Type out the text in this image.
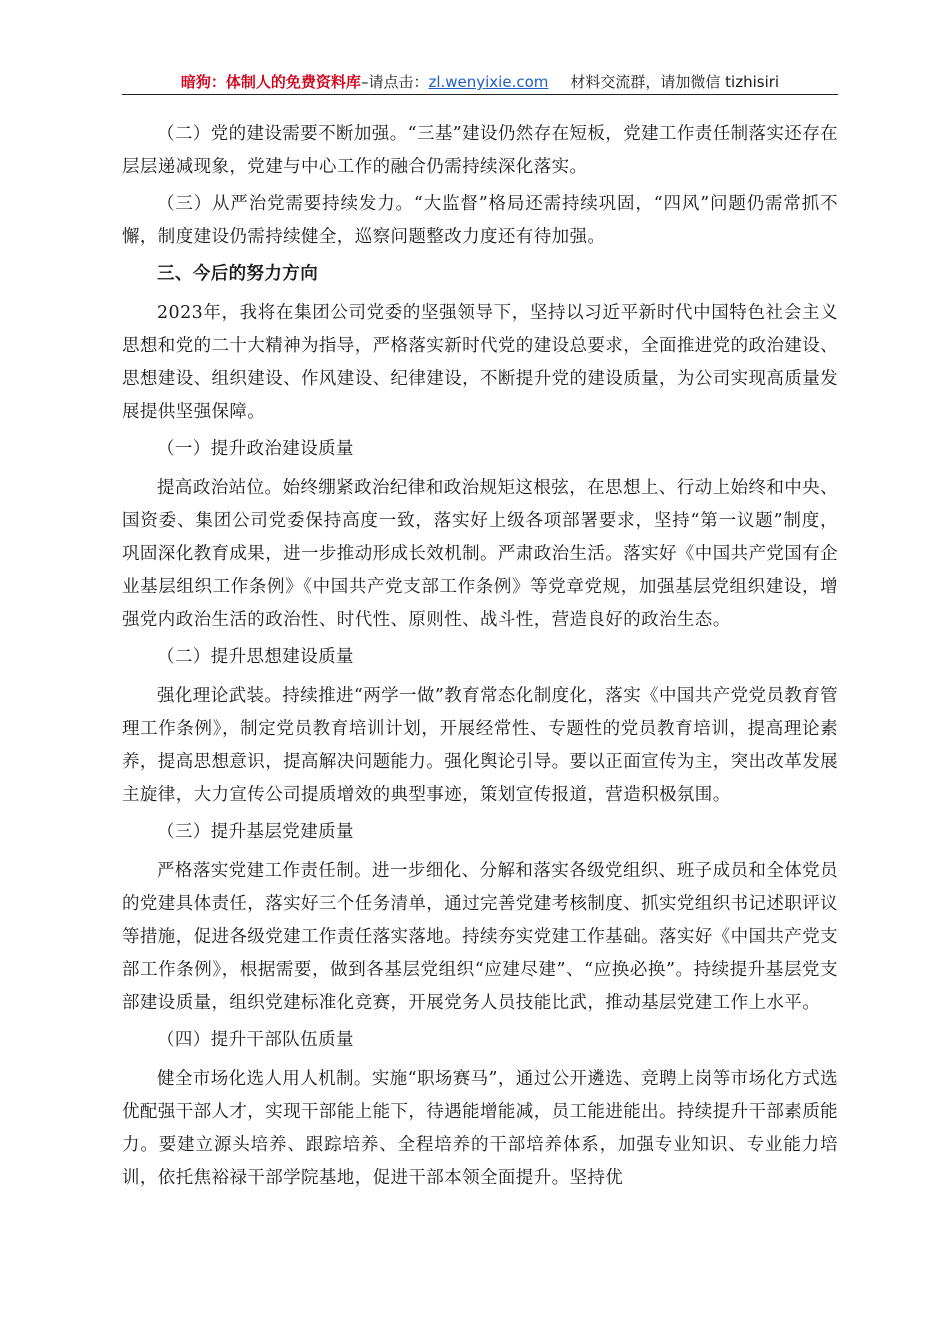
暗狗：体制人的免费资料库–请点击：zl.wenyixie.com 材料交流群，请加微信 tizhisiri

（二）党的建设需要不断加强。“三基”建设仍然存在短板，党建工作责任制落实还存在层层递减现象，党建与中心工作的融合仍需持续深化落实。

（三）从严治党需要持续发力。“大监督”格局还需持续巩固，“四风”问题仍需常抓不懈，制度建设仍需持续健全，巡察问题整改力度还有待加强。

三、今后的努力方向

2023年，我将在集团公司党委的坚强领导下，坚持以习近平新时代中国特色社会主义思想和党的二十大精神为指导，严格落实新时代党的建设总要求，全面推进党的政治建设、思想建设、组织建设、作风建设、纪律建设，不断提升党的建设质量，为公司实现高质量发展提供坚强保障。

（一）提升政治建设质量

提高政治站位。始终绷紧政治纪律和政治规矩这根弦，在思想上、行动上始终和中央、国资委、集团公司党委保持高度一致，落实好上级各项部署要求，坚持“第一议题”制度，巩固深化教育成果，进一步推动形成长效机制。严肃政治生活。落实好《中国共产党国有企业基层组织工作条例》《中国共产党支部工作条例》等党章党规，加强基层党组织建设，增强党内政治生活的政治性、时代性、原则性、战斗性，营造良好的政治生态。

（二）提升思想建设质量

强化理论武装。持续推进“两学一做”教育常态化制度化，落实《中国共产党党员教育管理工作条例》，制定党员教育培训计划，开展经常性、专题性的党员教育培训，提高理论素养，提高思想意识，提高解决问题能力。强化舆论引导。要以正面宣传为主，突出改革发展主旋律，大力宣传公司提质增效的典型事迹，策划宣传报道，营造积极氛围。

（三）提升基层党建质量

严格落实党建工作责任制。进一步细化、分解和落实各级党组织、班子成员和全体党员的党建具体责任，落实好三个任务清单，通过完善党建考核制度、抓实党组织书记述职评议等措施，促进各级党建工作责任落实落地。持续夯实党建工作基础。落实好《中国共产党支部工作条例》，根据需要，做到各基层党组织“应建尽建”、“应换必换”。持续提升基层党支部建设质量，组织党建标准化竞赛，开展党务人员技能比武，推动基层党建工作上水平。

（四）提升干部队伍质量

健全市场化选人用人机制。实施“职场赛马”，通过公开遴选、竞聘上岗等市场化方式选优配强干部人才，实现干部能上能下，待遇能增能减，员工能进能出。持续提升干部素质能力。要建立源头培养、跟踪培养、全程培养的干部培养体系，加强专业知识、专业能力培训，依托焦裕禄干部学院基地，促进干部本领全面提升。坚持优
